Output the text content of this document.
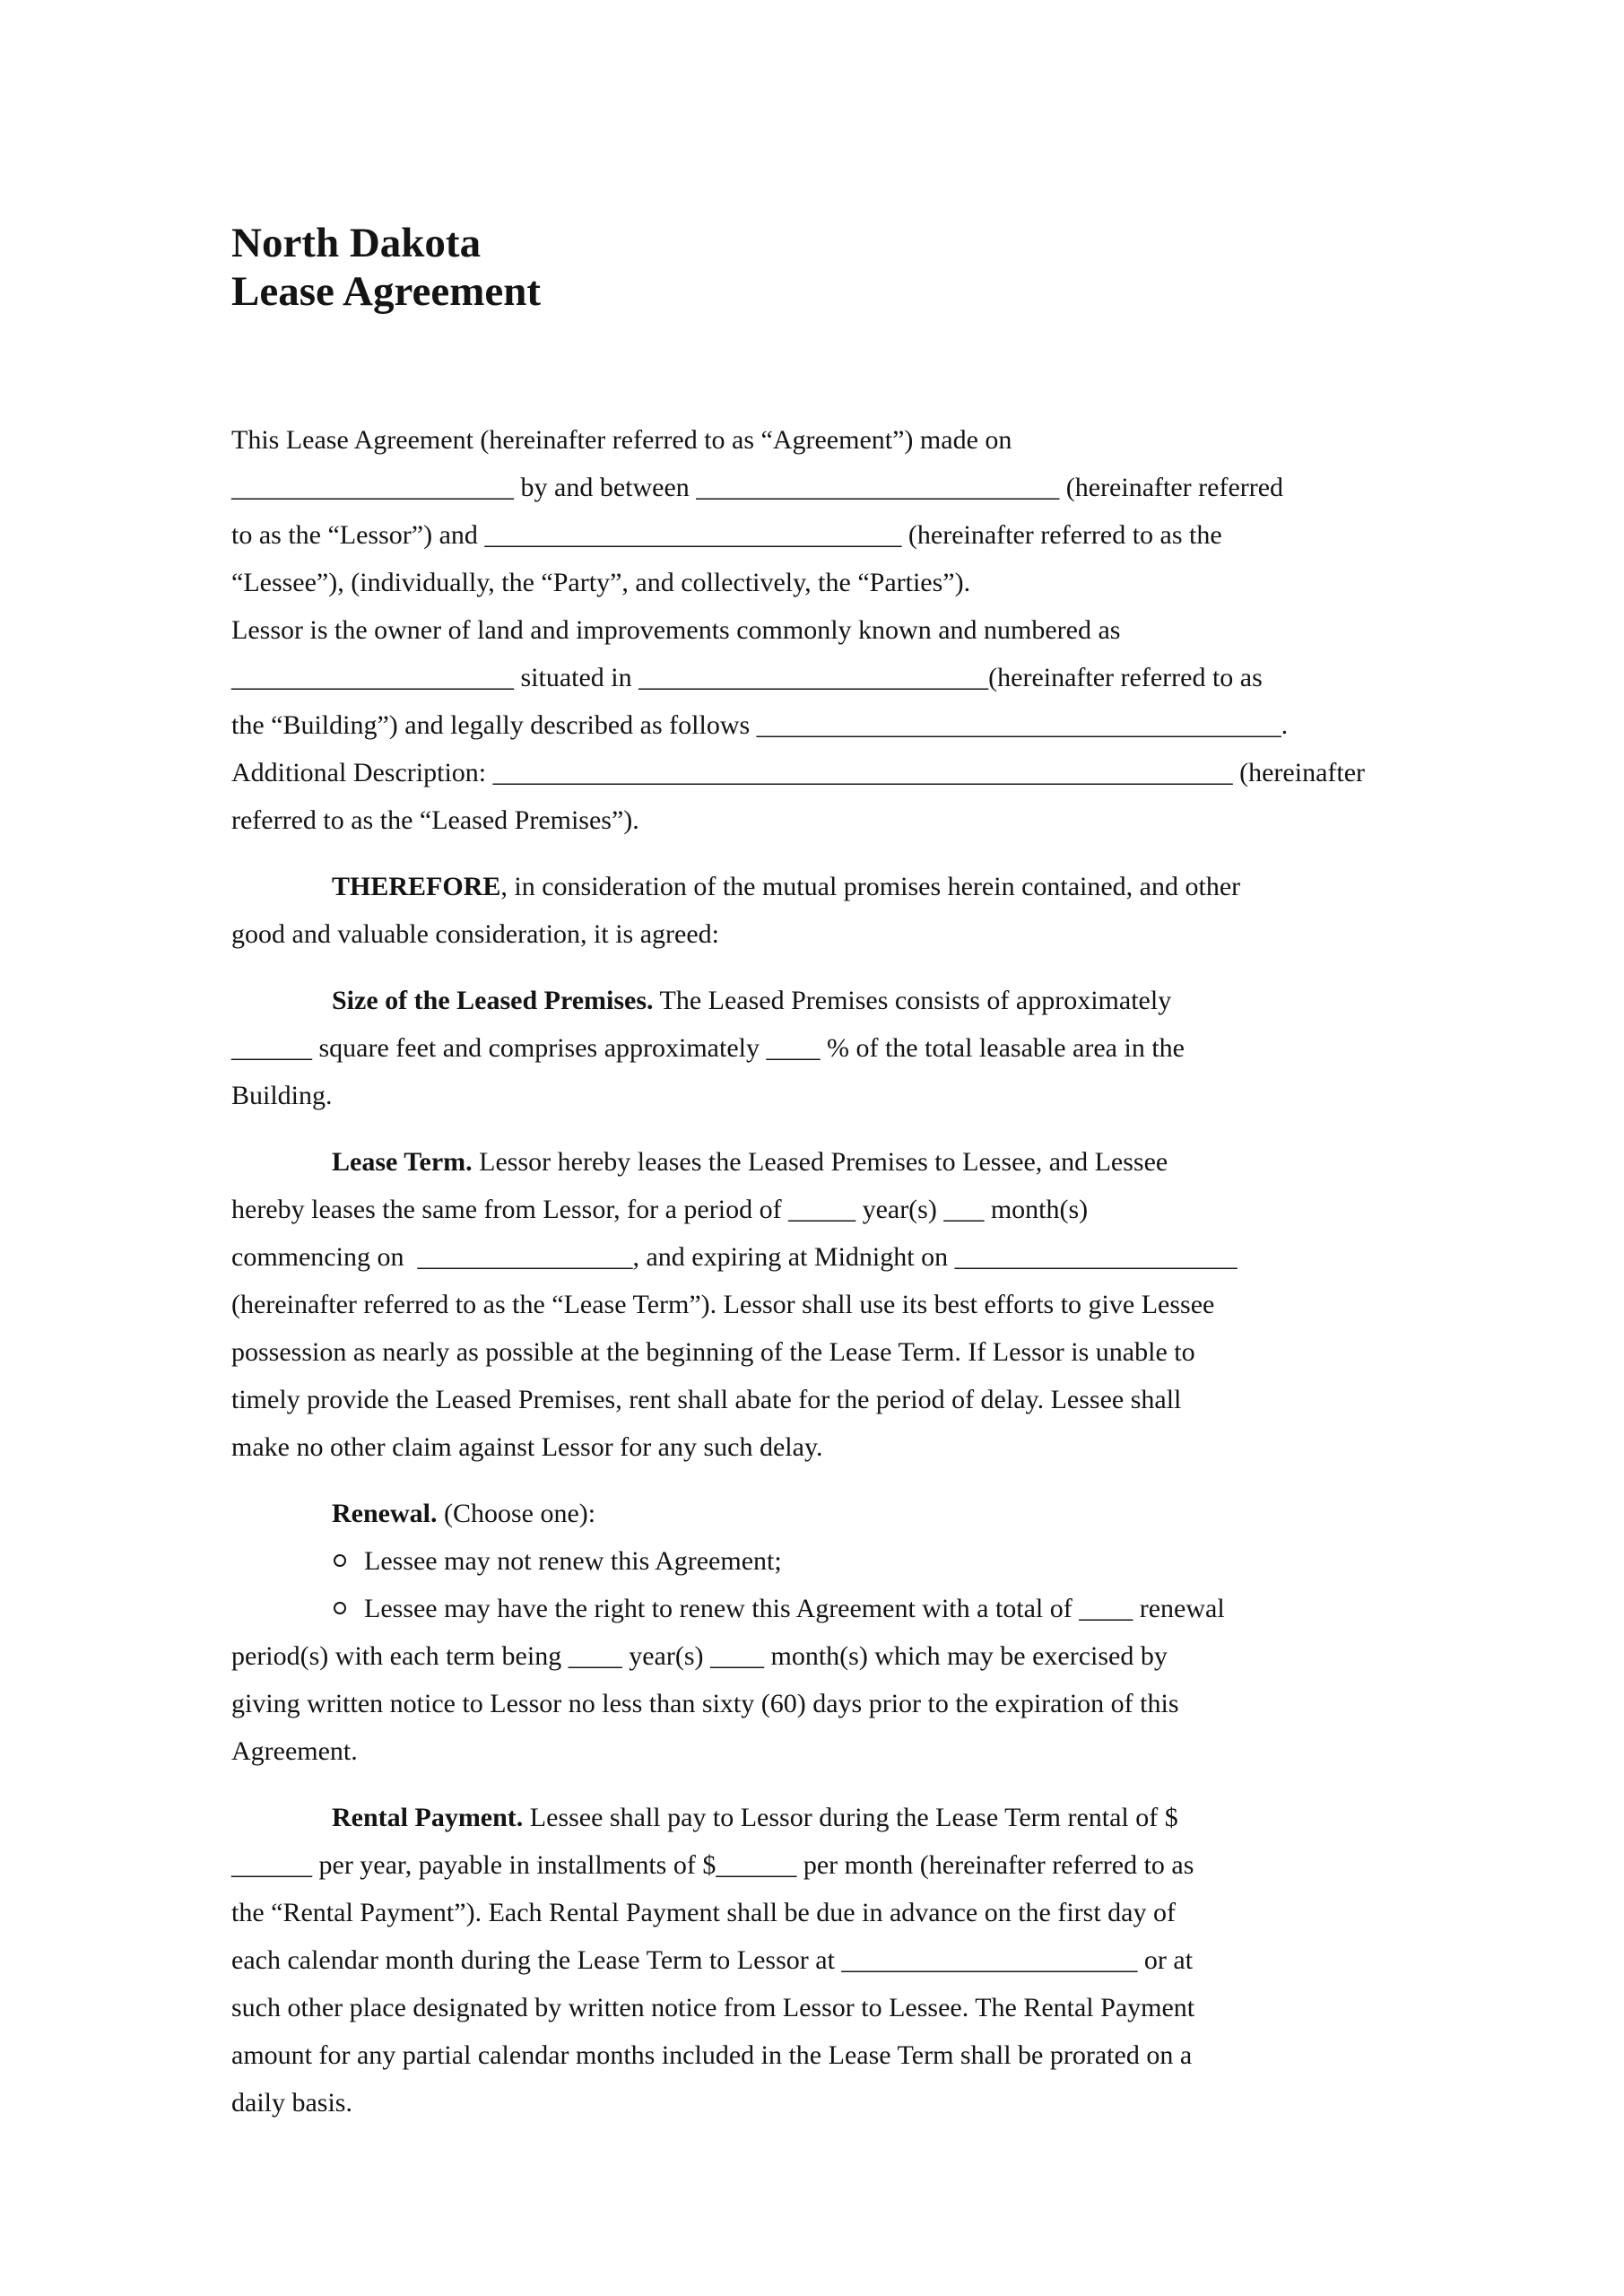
North Dakota
Lease Agreement
This Lease Agreement (hereinafter referred to as “Agreement”) made on
_____________________ by and between ___________________________ (hereinafter referred
to as the “Lessor”) and _______________________________ (hereinafter referred to as the
“Lessee”), (individually, the “Party”, and collectively, the “Parties”).
Lessor is the owner of land and improvements commonly known and numbered as
_____________________ situated in __________________________(hereinafter referred to as
the “Building”) and legally described as follows _______________________________________.
Additional Description: _______________________________________________________ (hereinafter
referred to as the “Leased Premises”).
THEREFORE, in consideration of the mutual promises herein contained, and other
good and valuable consideration, it is agreed:
Size of the Leased Premises. The Leased Premises consists of approximately
______ square feet and comprises approximately ____ % of the total leasable area in the
Building.
Lease Term. Lessor hereby leases the Leased Premises to Lessee, and Lessee
hereby leases the same from Lessor, for a period of _____ year(s) ___ month(s)
commencing on  ________________, and expiring at Midnight on _____________________
(hereinafter referred to as the “Lease Term”). Lessor shall use its best efforts to give Lessee
possession as nearly as possible at the beginning of the Lease Term. If Lessor is unable to
timely provide the Leased Premises, rent shall abate for the period of delay. Lessee shall
make no other claim against Lessor for any such delay.
Renewal. (Choose one):
Lessee may not renew this Agreement;
Lessee may have the right to renew this Agreement with a total of ____ renewal
period(s) with each term being ____ year(s) ____ month(s) which may be exercised by
giving written notice to Lessor no less than sixty (60) days prior to the expiration of this
Agreement.
Rental Payment. Lessee shall pay to Lessor during the Lease Term rental of $
______ per year, payable in installments of $______ per month (hereinafter referred to as
the “Rental Payment”). Each Rental Payment shall be due in advance on the first day of
each calendar month during the Lease Term to Lessor at ______________________ or at
such other place designated by written notice from Lessor to Lessee. The Rental Payment
amount for any partial calendar months included in the Lease Term shall be prorated on a
daily basis.
